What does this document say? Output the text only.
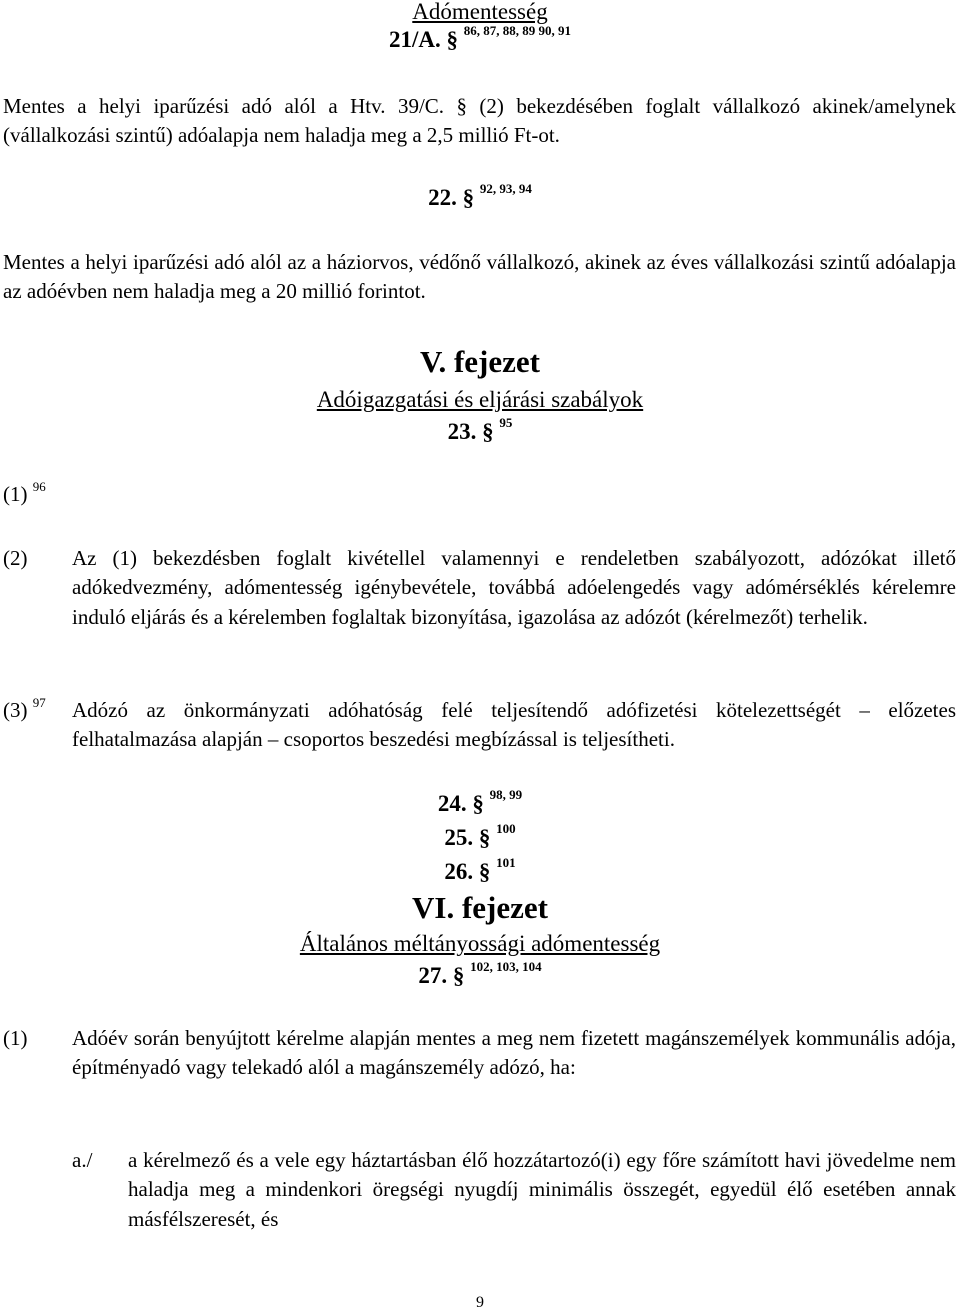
Adómentesség
21/A. § $^{86, 87, 88, 89 90, 91}$
Mentes a helyi iparűzési adó alól a Htv. 39/C. § (2) bekezdésében foglalt vállalkozó akinek/amelynek (vállalkozási szintű) adóalapja nem haladja meg a 2,5 millió Ft-ot.
22. § $^{92, 93, 94}$
Mentes a helyi iparűzési adó alól az a háziorvos, védőnő vállalkozó, akinek az éves vállalkozási szintű adóalapja az adóévben nem haladja meg a 20 millió forintot.
V. fejezet
Adóigazgatási és eljárási szabályok
23. § $^{95}$
(1) $^{96}$
(2) Az (1) bekezdésben foglalt kivétellel valamennyi e rendeletben szabályozott, adózókat illető adókedvezmény, adómentesség igénybevétele, továbbá adóelengedés vagy adómérséklés kérelemre induló eljárás és a kérelemben foglaltak bizonyítása, igazolása az adózót (kérelmezőt) terhelik.
(3) $^{97}$ Adózó az önkormányzati adóhatóság felé teljesítendő adófizetési kötelezettségét – előzetes felhatalmazása alapján – csoportos beszedési megbízással is teljesítheti.
24. § $^{98, 99}$
25. § $^{100}$
26. § $^{101}$
VI. fejezet
Általános méltányossági adómentesség
27. § $^{102, 103, 104}$
(1) Adóév során benyújtott kérelme alapján mentes a meg nem fizetett magánszemélyek kommunális adója, építményadó vagy telekadó alól a magánszemély adózó, ha:
a./ a kérelmező és a vele egy háztartásban élő hozzátartozó(i) egy főre számított havi jövedelme nem haladja meg a mindenkori öregségi nyugdíj minimális összegét, egyedül élő esetében annak másfélszeresét, és
9
